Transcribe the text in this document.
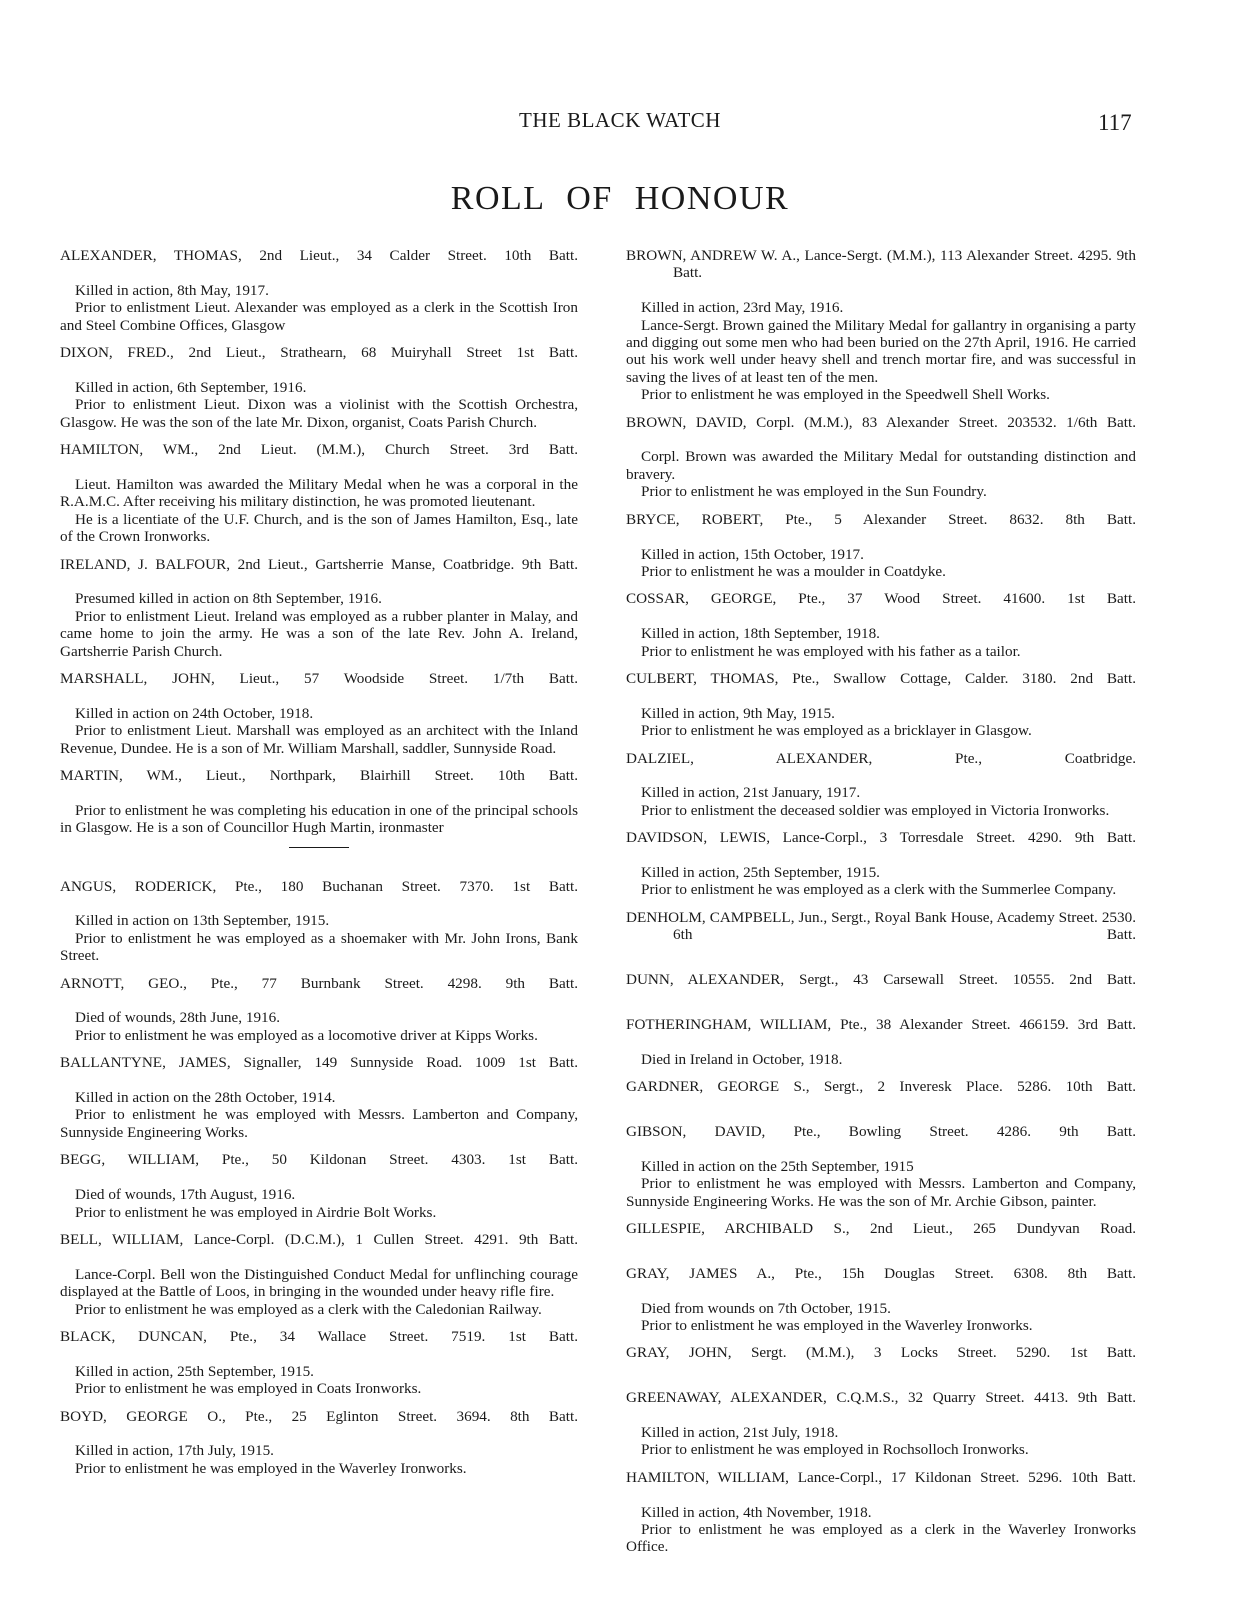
THE BLACK WATCH	117
ROLL OF HONOUR
ALEXANDER, THOMAS, 2nd Lieut., 34 Calder Street. 10th Batt.
Killed in action, 8th May, 1917.
Prior to enlistment Lieut. Alexander was employed as a clerk in the Scottish Iron and Steel Combine Offices, Glasgow
DIXON, FRED., 2nd Lieut., Strathearn, 68 Muiryhall Street 1st Batt.
Killed in action, 6th September, 1916.
Prior to enlistment Lieut. Dixon was a violinist with the Scottish Orchestra, Glasgow. He was the son of the late Mr. Dixon, organist, Coats Parish Church.
HAMILTON, WM., 2nd Lieut. (M.M.), Church Street. 3rd Batt.
Lieut. Hamilton was awarded the Military Medal when he was a corporal in the R.A.M.C. After receiving his military distinction, he was promoted lieutenant.
He is a licentiate of the U.F. Church, and is the son of James Hamilton, Esq., late of the Crown Ironworks.
IRELAND, J. BALFOUR, 2nd Lieut., Gartsherrie Manse, Coatbridge. 9th Batt.
Presumed killed in action on 8th September, 1916.
Prior to enlistment Lieut. Ireland was employed as a rubber planter in Malay, and came home to join the army. He was a son of the late Rev. John A. Ireland, Gartsherrie Parish Church.
MARSHALL, JOHN, Lieut., 57 Woodside Street. 1/7th Batt.
Killed in action on 24th October, 1918.
Prior to enlistment Lieut. Marshall was employed as an architect with the Inland Revenue, Dundee. He is a son of Mr. William Marshall, saddler, Sunnyside Road.
MARTIN, WM., Lieut., Northpark, Blairhill Street. 10th Batt.
Prior to enlistment he was completing his education in one of the principal schools in Glasgow. He is a son of Councillor Hugh Martin, ironmaster
ANGUS, RODERICK, Pte., 180 Buchanan Street. 7370. 1st Batt.
Killed in action on 13th September, 1915.
Prior to enlistment he was employed as a shoemaker with Mr. John Irons, Bank Street.
ARNOTT, GEO., Pte., 77 Burnbank Street. 4298. 9th Batt.
Died of wounds, 28th June, 1916.
Prior to enlistment he was employed as a locomotive driver at Kipps Works.
BALLANTYNE, JAMES, Signaller, 149 Sunnyside Road. 1009 1st Batt.
Killed in action on the 28th October, 1914.
Prior to enlistment he was employed with Messrs. Lamberton and Company, Sunnyside Engineering Works.
BEGG, WILLIAM, Pte., 50 Kildonan Street. 4303. 1st Batt.
Died of wounds, 17th August, 1916.
Prior to enlistment he was employed in Airdrie Bolt Works.
BELL, WILLIAM, Lance-Corpl. (D.C.M.), 1 Cullen Street. 4291. 9th Batt.
Lance-Corpl. Bell won the Distinguished Conduct Medal for unflinching courage displayed at the Battle of Loos, in bringing in the wounded under heavy rifle fire.
Prior to enlistment he was employed as a clerk with the Caledonian Railway.
BLACK, DUNCAN, Pte., 34 Wallace Street. 7519. 1st Batt.
Killed in action, 25th September, 1915.
Prior to enlistment he was employed in Coats Ironworks.
BOYD, GEORGE O., Pte., 25 Eglinton Street. 3694. 8th Batt.
Killed in action, 17th July, 1915.
Prior to enlistment he was employed in the Waverley Ironworks.
BROWN, ANDREW W. A., Lance-Sergt. (M.M.), 113 Alexander Street. 4295. 9th Batt.
Killed in action, 23rd May, 1916.
Lance-Sergt. Brown gained the Military Medal for gallantry in organising a party and digging out some men who had been buried on the 27th April, 1916. He carried out his work well under heavy shell and trench mortar fire, and was successful in saving the lives of at least ten of the men.
Prior to enlistment he was employed in the Speedwell Shell Works.
BROWN, DAVID, Corpl. (M.M.), 83 Alexander Street. 203532. 1/6th Batt.
Corpl. Brown was awarded the Military Medal for outstanding distinction and bravery.
Prior to enlistment he was employed in the Sun Foundry.
BRYCE, ROBERT, Pte., 5 Alexander Street. 8632. 8th Batt.
Killed in action, 15th October, 1917.
Prior to enlistment he was a moulder in Coatdyke.
COSSAR, GEORGE, Pte., 37 Wood Street. 41600. 1st Batt.
Killed in action, 18th September, 1918.
Prior to enlistment he was employed with his father as a tailor.
CULBERT, THOMAS, Pte., Swallow Cottage, Calder. 3180. 2nd Batt.
Killed in action, 9th May, 1915.
Prior to enlistment he was employed as a bricklayer in Glasgow.
DALZIEL, ALEXANDER, Pte., Coatbridge.
Killed in action, 21st January, 1917.
Prior to enlistment the deceased soldier was employed in Victoria Ironworks.
DAVIDSON, LEWIS, Lance-Corpl., 3 Torresdale Street. 4290. 9th Batt.
Killed in action, 25th September, 1915.
Prior to enlistment he was employed as a clerk with the Summerlee Company.
DENHOLM, CAMPBELL, Jun., Sergt., Royal Bank House, Academy Street. 2530. 6th Batt.
DUNN, ALEXANDER, Sergt., 43 Carsewall Street. 10555. 2nd Batt.
FOTHERINGHAM, WILLIAM, Pte., 38 Alexander Street. 466159. 3rd Batt.
Died in Ireland in October, 1918.
GARDNER, GEORGE S., Sergt., 2 Inveresk Place. 5286. 10th Batt.
GIBSON, DAVID, Pte., Bowling Street. 4286. 9th Batt.
Killed in action on the 25th September, 1915
Prior to enlistment he was employed with Messrs. Lamberton and Company, Sunnyside Engineering Works. He was the son of Mr. Archie Gibson, painter.
GILLESPIE, ARCHIBALD S., 2nd Lieut., 265 Dundyvan Road.
GRAY, JAMES A., Pte., 15h Douglas Street. 6308. 8th Batt.
Died from wounds on 7th October, 1915.
Prior to enlistment he was employed in the Waverley Ironworks.
GRAY, JOHN, Sergt. (M.M.), 3 Locks Street. 5290. 1st Batt.
GREENAWAY, ALEXANDER, C.Q.M.S., 32 Quarry Street. 4413. 9th Batt.
Killed in action, 21st July, 1918.
Prior to enlistment he was employed in Rochsolloch Ironworks.
HAMILTON, WILLIAM, Lance-Corpl., 17 Kildonan Street. 5296. 10th Batt.
Killed in action, 4th November, 1918.
Prior to enlistment he was employed as a clerk in the Waverley Ironworks Office.
